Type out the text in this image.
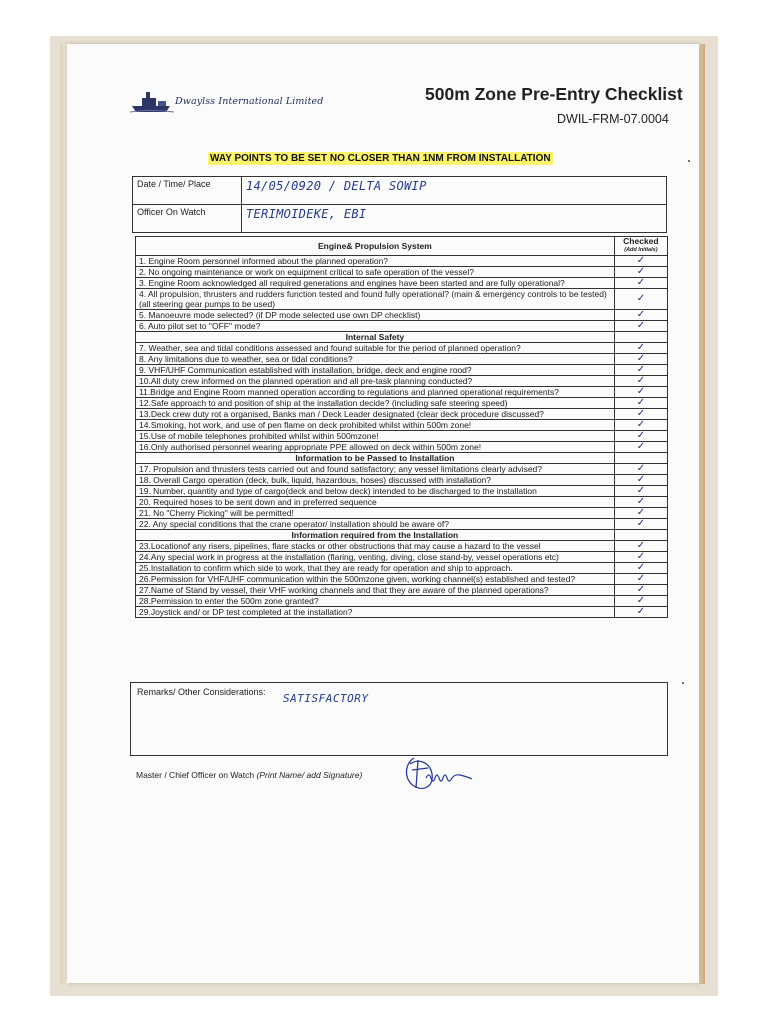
Dwaylss International Limited	500m Zone Pre-Entry Checklist
DWIL-FRM-07.0004
WAY POINTS TO BE SET NO CLOSER THAN 1NM FROM INSTALLATION
Date / Time/ Place	14/05/0920 / DELTA SOWIP
Officer On Watch	TERIMOIDEKE, EBI
Engine& Propulsion System	Checked
(Add Initials)

1. Engine Room personnel informed about the planned operation?	✓
2. No ongoing maintenance or work on equipment critical to safe operation of the vessel?	✓
3. Engine Room acknowledged all required generations and engines have been started and are fully operational?	✓
4. All propulsion, thrusters and rudders function tested and found fully operational? (main & emergency controls to be tested) (all steering gear pumps to be used)	✓
5. Manoeuvre mode selected? (if DP mode selected use own DP checklist)	✓
6. Auto pilot set to "OFF" mode?	✓
Internal Safety	
7. Weather, sea and tidal conditions assessed and found suitable for the period of planned operation?	✓
8. Any limitations due to weather, sea or tidal conditions?	✓
9. VHF/UHF Communication established with installation, bridge, deck and engine rood?	✓
10.All duty crew informed on the planned operation and all pre-task planning conducted?	✓
11.Bridge and Engine Room manned operation according to regulations and planned operational requirements?	✓
12.Safe approach to and position of ship at the installation decide? (including safe steering speed)	✓
13.Deck crew duty rot a organised, Banks man / Deck Leader designated (clear deck procedure discussed?	✓
14.Smoking, hot work, and use of pen flame on deck prohibited whilst within 500m zone!	✓
15.Use of mobile telephones prohibited whilst within 500mzone!	✓
16.Only authorised personnel wearing appropriate PPE allowed on deck within 500m zone!	✓
Information to be Passed to Installation	
17. Propulsion and thrusters tests carried out and found satisfactory; any vessel limitations clearly advised?	✓
18. Overall Cargo operation (deck, bulk, liquid, hazardous, hoses) discussed with installation?	✓
19. Number, quantity and type of cargo(deck and below deck) intended to be discharged to the installation	✓
20. Required hoses to be sent down and in preferred sequence	✓
21. No "Cherry Picking" will be permitted!	✓
22. Any special conditions that the crane operator/ installation should be aware of?	✓
Information required from the Installation	
23.Locationof any risers, pipelines, flare stacks or other obstructions that may cause a hazard to the vessel	✓
24.Any special work in progress at the installation (flaring, venting, diving, close stand-by, vessel operations etc)	✓
25.Installation to confirm which side to work, that they are ready for operation and ship to approach.	✓
26.Permission for VHF/UHF communication within the 500mzone given, working channel(s) established and tested?	✓
27.Name of Stand by vessel, their VHF working channels and that they are aware of the planned operations?	✓
28.Permission to enter the 500m zone granted?	✓
29.Joystick and/ or DP test completed at the installation?	✓
Remarks/ Other Considerations: SATISFACTORY
Master / Chief Officer on Watch (Print Name/ add Signature)
